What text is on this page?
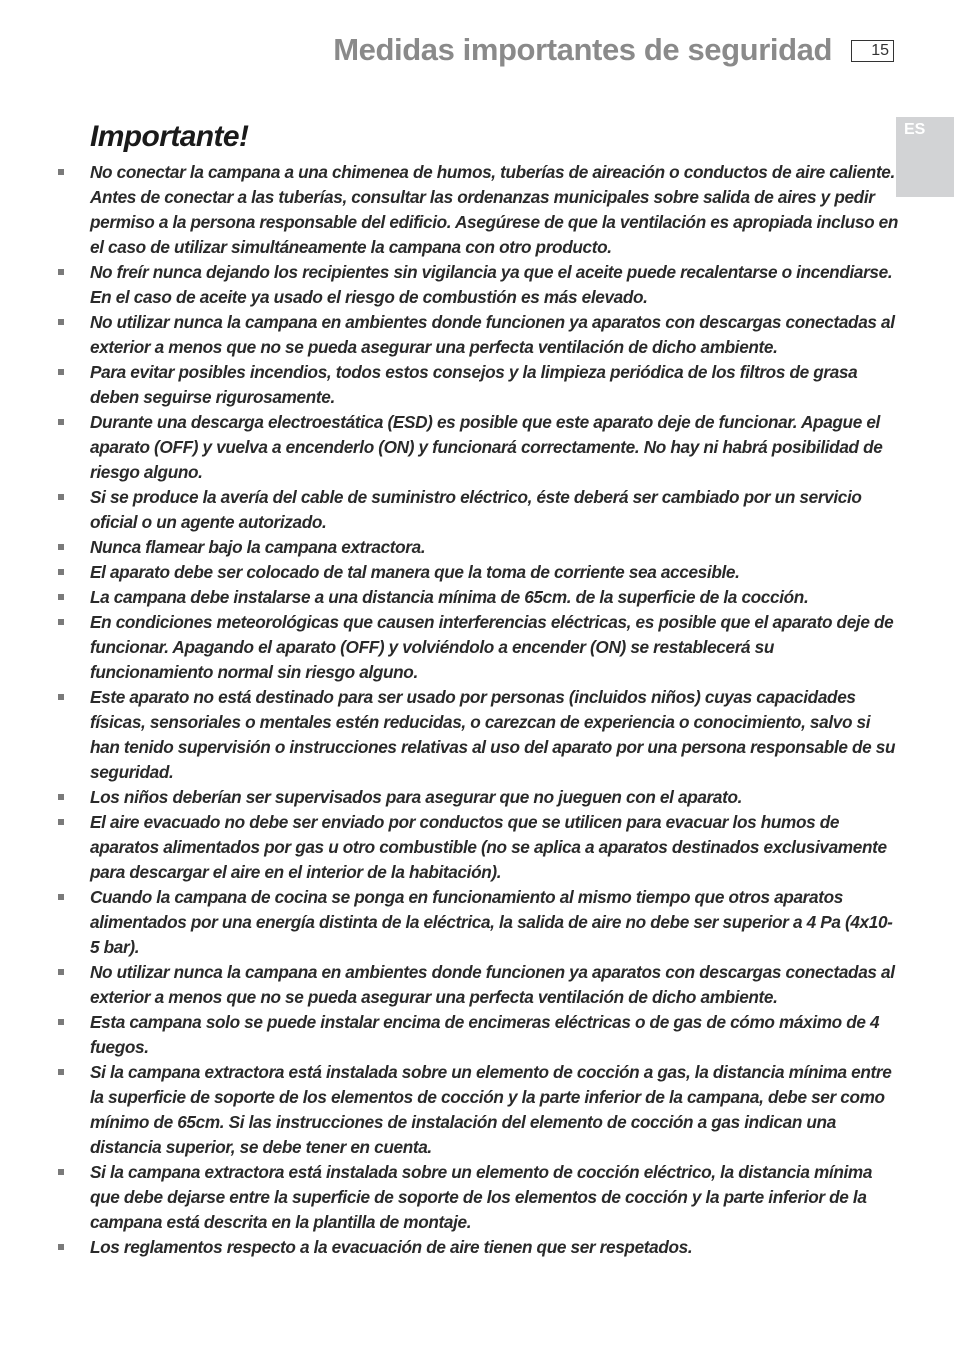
Medidas importantes de seguridad	15
ES
Importante!
No conectar la campana a una chimenea de humos, tuberías de aireación o conductos de aire caliente. Antes de conectar a las tuberías, consultar las ordenanzas municipales sobre salida de aires y pedir permiso a la persona responsable del edificio. Asegúrese de que la ventilación es apropiada incluso en el caso de utilizar simultáneamente la campana con otro producto.
No freír nunca dejando los recipientes sin vigilancia ya que el aceite puede recalentarse o incendiarse. En el caso de aceite ya usado el riesgo de combustión es más elevado.
No utilizar nunca la campana en ambientes donde funcionen ya aparatos con descargas conectadas al exterior a menos que no se pueda asegurar una perfecta ventilación de dicho ambiente.
Para evitar posibles incendios, todos estos consejos y la limpieza periódica de los filtros de grasa deben seguirse rigurosamente.
Durante una descarga electroestática (ESD) es posible que este aparato deje de funcionar. Apague el aparato (OFF) y vuelva a encenderlo (ON) y funcionará correctamente. No hay ni habrá posibilidad de riesgo alguno.
Si se produce la avería del cable de suministro eléctrico, éste deberá ser cambiado por un servicio oficial o un agente autorizado.
Nunca flamear bajo la campana extractora.
El aparato debe ser colocado de tal manera que la toma de corriente sea accesible.
La campana debe instalarse a una distancia mínima de 65cm. de la superficie de la cocción.
En condiciones meteorológicas que causen interferencias eléctricas, es posible que el aparato deje de funcionar. Apagando el aparato (OFF) y volviéndolo a encender (ON) se restablecerá su funcionamiento normal sin riesgo alguno.
Este aparato no está destinado para ser usado por personas (incluidos niños) cuyas capacidades físicas, sensoriales o mentales estén reducidas, o carezcan de experiencia o conocimiento, salvo si han tenido supervisión o instrucciones relativas al uso del aparato por una persona responsable de su seguridad.
Los niños deberían ser supervisados para asegurar que no jueguen con el aparato.
El aire evacuado no debe ser enviado por conductos que se utilicen para evacuar los humos de aparatos alimentados por gas u otro combustible (no se aplica a aparatos destinados exclusivamente para descargar el aire en el interior de la habitación).
Cuando la campana de cocina se ponga en funcionamiento al mismo tiempo que otros aparatos alimentados por una energía distinta de la eléctrica, la salida de aire no debe ser superior a 4 Pa (4x10-5 bar).
No utilizar nunca la campana en ambientes donde funcionen ya aparatos con descargas conectadas al exterior a menos que no se pueda asegurar una perfecta ventilación de dicho ambiente.
Esta campana solo se puede instalar encima de encimeras eléctricas o de gas de cómo máximo de 4 fuegos.
Si la campana extractora está instalada sobre un elemento de cocción a gas, la distancia mínima entre la superficie de soporte de los elementos de cocción y la parte inferior de la campana, debe ser como mínimo de 65cm. Si las instrucciones de instalación del elemento de cocción a gas indican una distancia superior, se debe tener en cuenta.
Si la campana extractora está instalada sobre un elemento de cocción eléctrico, la distancia mínima que debe dejarse entre la superficie de soporte de los elementos de cocción y la parte inferior de la campana está descrita en la plantilla de montaje.
Los reglamentos respecto a la evacuación de aire tienen que ser respetados.
